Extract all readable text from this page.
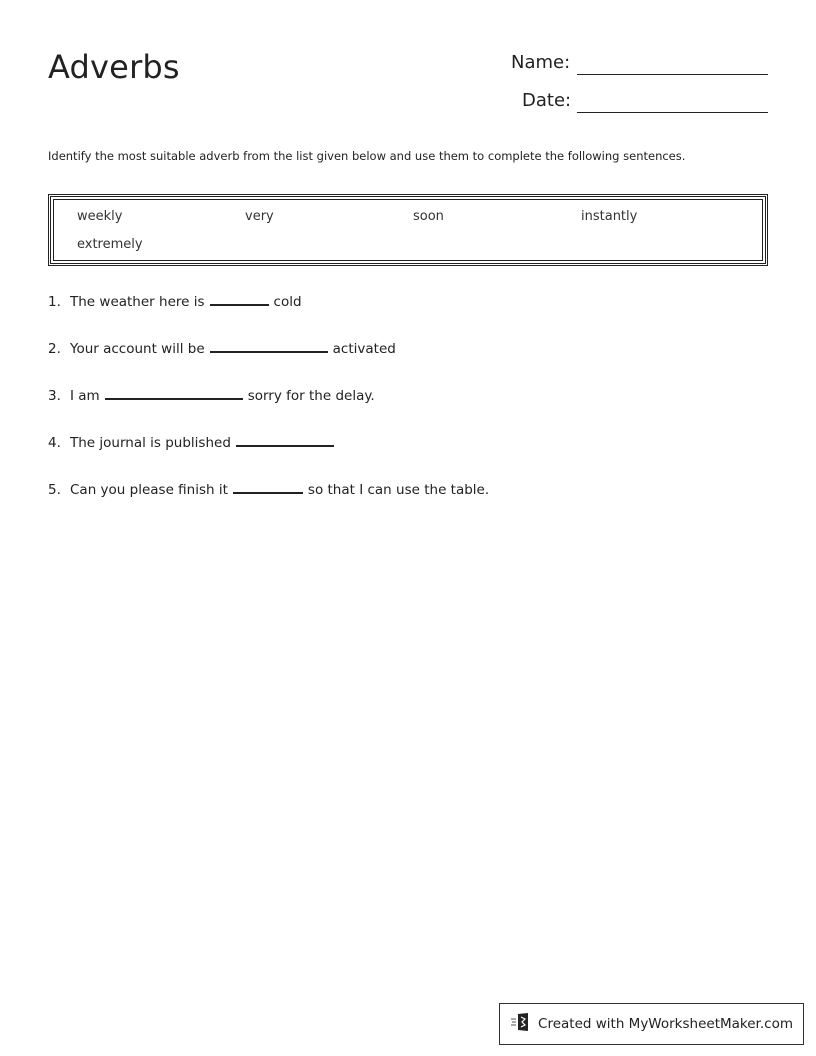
Adverbs	Name:
Date:
Identify the most suitable adverb from the list given below and use them to complete the following sentences.
weekly	very	soon	instantly
extremely
1. The weather here is	cold
2. Your account will be	activated
3. I am	sorry for the delay.
4. The journal is published
5. Can you please finish it	so that I can use the table.
Created with MyWorksheetMaker.com
